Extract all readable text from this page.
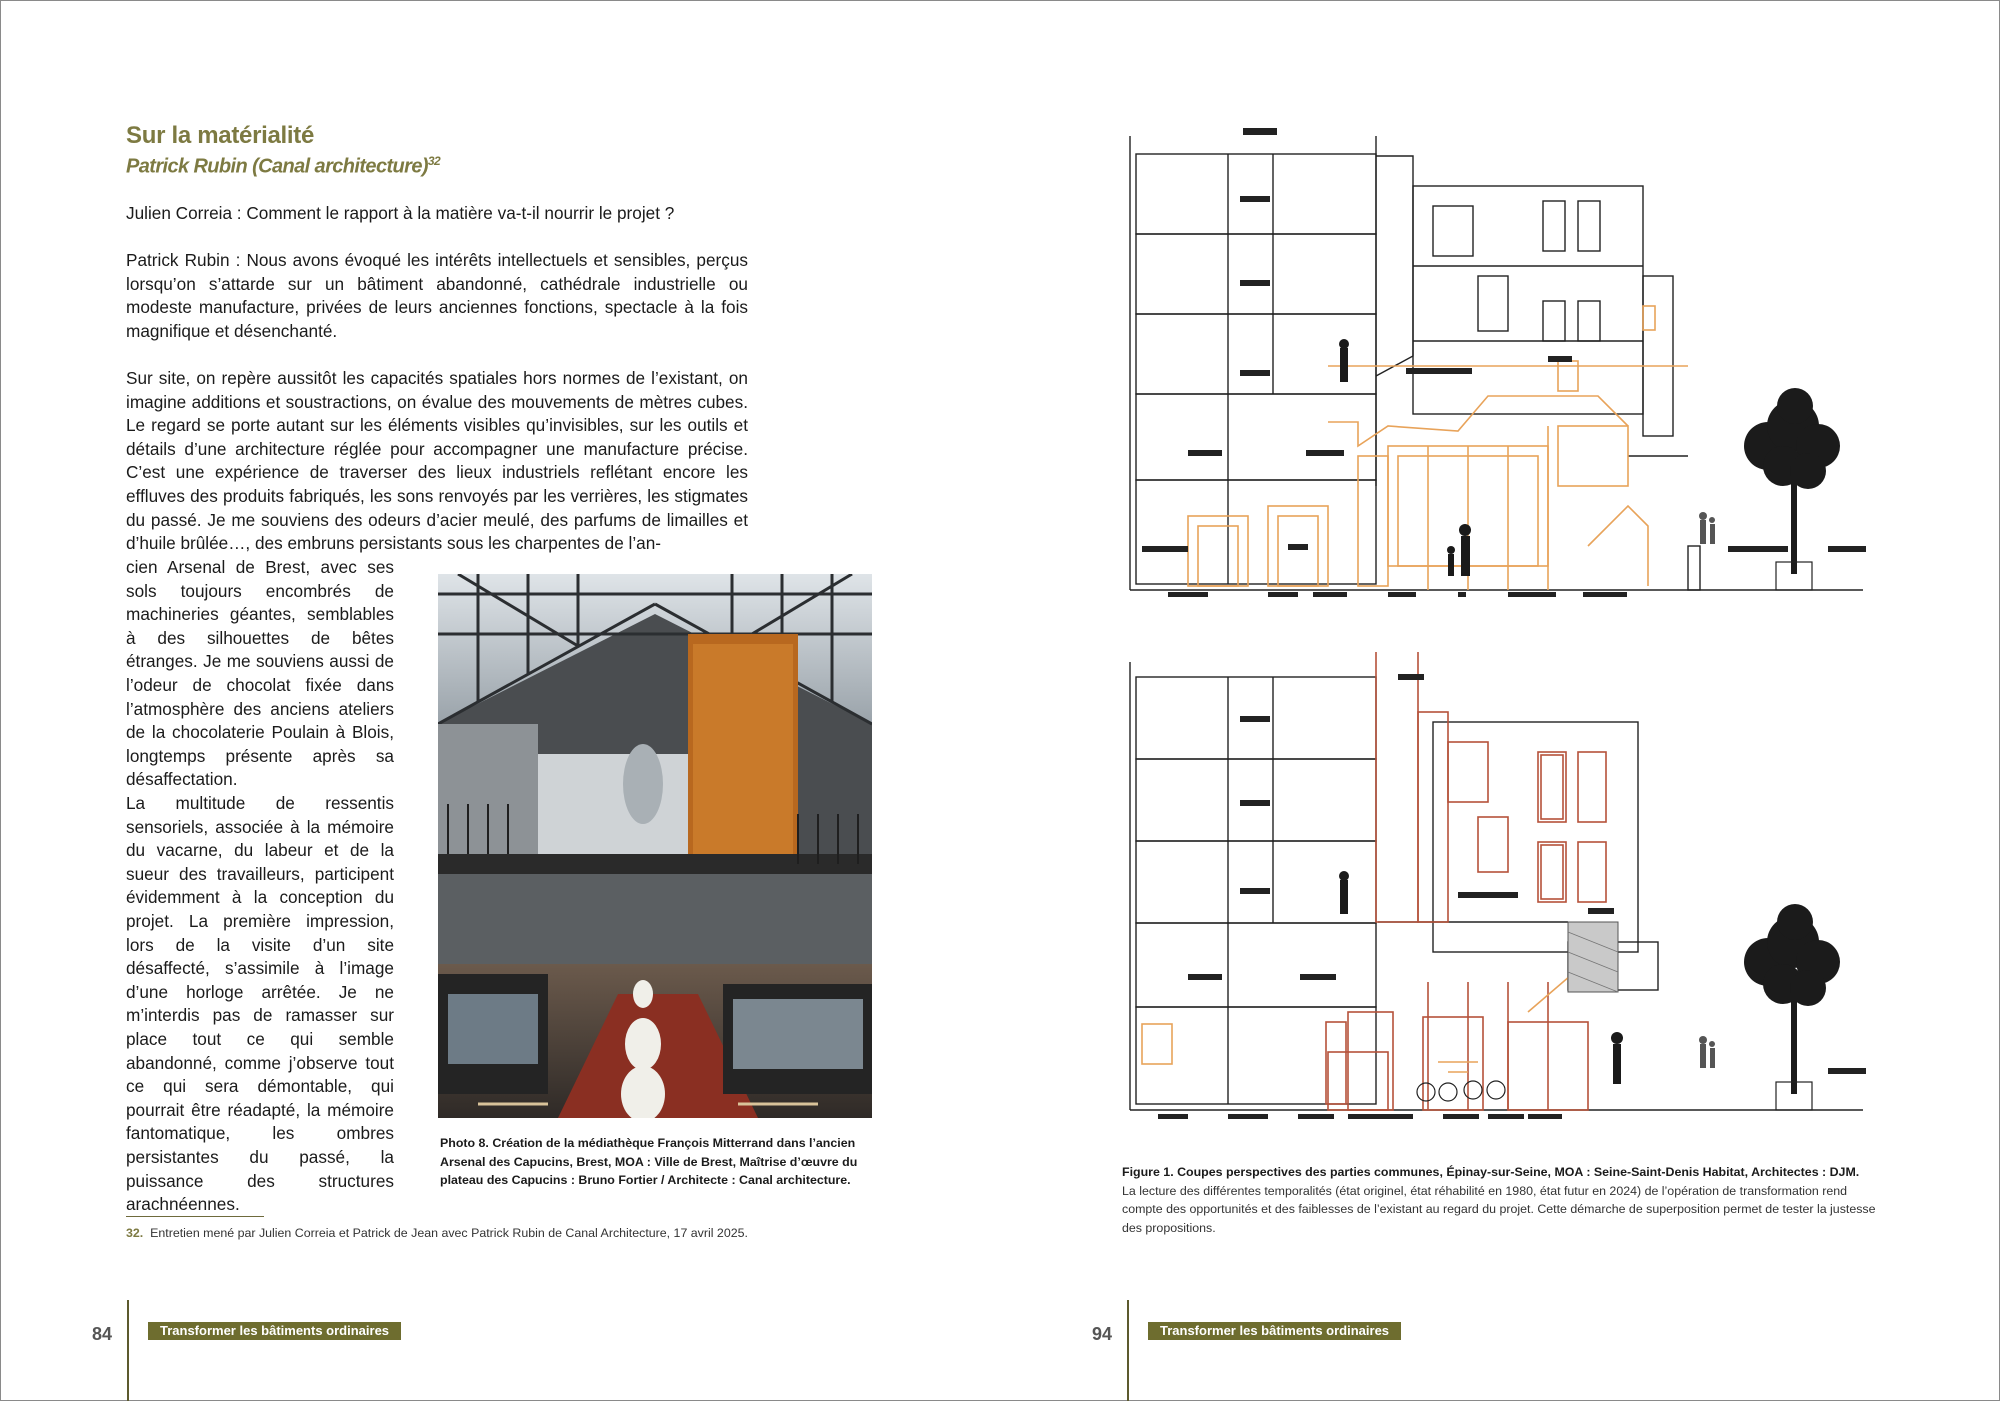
Sur la matérialité
Patrick Rubin (Canal architecture)$^{32}$

Julien Correia : Comment le rapport à la matière va-t-il nourrir le projet ?

Patrick Rubin : Nous avons évoqué les intérêts intellectuels et sensibles, perçus lorsqu’on s’attarde sur un bâtiment abandonné, cathédrale industrielle ou modeste manufacture, privées de leurs anciennes fonctions, spectacle à la fois magnifique et désenchanté.

Sur site, on repère aussitôt les capacités spatiales hors normes de l’existant, on imagine additions et soustractions, on évalue des mouvements de mètres cubes. Le regard se porte autant sur les éléments visibles qu’invisibles, sur les outils et détails d’une architecture réglée pour accompagner une manufacture précise. C’est une expérience de traverser des lieux industriels reflétant encore les effluves des produits fabriqués, les sons renvoyés par les verrières, les stigmates du passé. Je me souviens des odeurs d’acier meulé, des parfums de limailles et d’huile brûlée…, des embruns persistants sous les charpentes de l’an-

cien Arsenal de Brest, avec ses sols toujours encombrés de machineries géantes, semblables à des silhouettes de bêtes étranges. Je me souviens aussi de l’odeur de chocolat fixée dans l’atmosphère des anciens ateliers de la chocolaterie Poulain à Blois, longtemps présente après sa désaffectation.

La multitude de ressentis sensoriels, associée à la mémoire du vacarne, du labeur et de la sueur des travailleurs, participent évidemment à la conception du projet. La première impression, lors de la visite d’un site désaffecté, s’assimile à l’image d’une horloge arrêtée. Je ne m’interdis pas de ramasser sur place tout ce qui semble abandonné, comme j’observe tout ce qui sera démontable, qui pourrait être réadapté, la mémoire fantomatique, les ombres persistantes du passé, la puissance des structures arachnéennes.

Photo 8. Création de la médiathèque François Mitterrand dans l’ancien Arsenal des Capucins, Brest, MOA : Ville de Brest, Maîtrise d’œuvre du plateau des Capucins : Bruno Fortier / Architecte : Canal architecture.
32. Entretien mené par Julien Correia et Patrick de Jean avec Patrick Rubin de Canal Architecture, 17 avril 2025.
84	Transformer les bâtiments ordinaires
Figure 1. Coupes perspectives des parties communes, Épinay-sur-Seine, MOA : Seine-Saint-Denis Habitat, Architectes : DJM.
La lecture des différentes temporalités (état originel, état réhabilité en 1980, état futur en 2024) de l’opération de transformation rend compte des opportunités et des faiblesses de l’existant au regard du projet. Cette démarche de superposition permet de tester la justesse des propositions.
94	Transformer les bâtiments ordinaires
